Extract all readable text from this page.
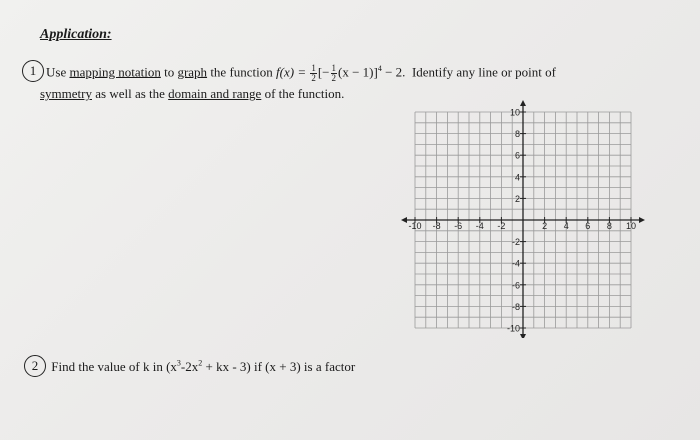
Application:
1 Use mapping notation to graph the function $f(x) = \frac{1}{2}$ [− $\frac{1}{2} (x - 1)]^4 - 2$.  Identify any line or point of
symmetry as well as the domain and range of the function.
-10 -8 -6 -4 -2	2 4 6 8 10
10
8
6
4
2
-2
-4
-6
-8
-10
2 Find the value of k in ($x^3-2x^2$ + kx - 3) if (x + 3) is a factor
